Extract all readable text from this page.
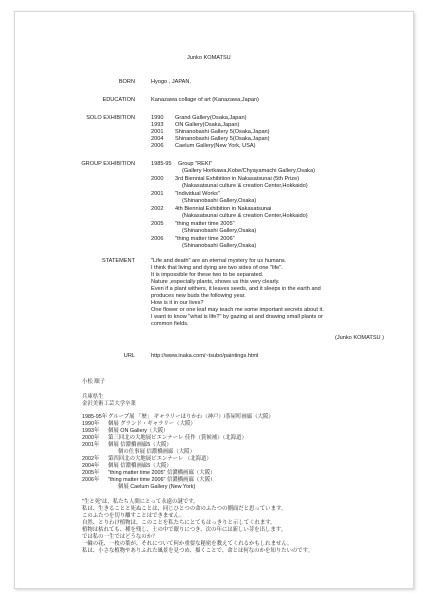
Junko KOMATSU
BORN	Hyogo , JAPAN.
EDUCATION	Kanazawa collage of art (Kanazawa,Japan)
SOLO EXHIBITION	1990 Grand Gallery(Osaka,Japan)
1993 ON Gallery(Osaka,Japan)
2001 Shinanobashi Gallery 5(Osaka,Japan)
2004 Shinanobashi Gallery 5(Osaka,Japan)
2006 Caelum Gallery(New York, USA)
GROUP EXHIBITION	1985-95 Group "REKI"
(Gallery Horikawa,Kobe/Chyayamachi Gallery,Osaka)
2000 3rd Biennial Exhibition in Nakasatsunai (5th Prize)
(Nakasatsunai culture & creation Center,Hokkaido)
2001 "Individual Works"
(Shinanobashi Gallery,Osaka)
2002 4th Biennial Exhibition in Nakasatsunai
(Nakasatsunai culture & creation Center,Hokkaido)
2005 "thing matter time 2005"
(Shinanobashi Gallery,Osaka)
2006 "thing matter time 2006"
(Shinanobashi Gallery,Osaka)
STATEMENT	"Life and death" are an eternal mystery for us humans.
I think that living and dying are two sides of one "life".
It is impossible for these two to be separated.
Nature ,especially plants, shows us this very clearly.
Even if a plant withers, it leaves seeds, and it sleeps in the earth and
produces new buds the following year.
How is it in our lives?
One flower or one leaf may teach me some important secrets about it.
I want to know "what is life?" by gazing at and drawing small plants or
common fields.
(Junko KOMATSU )
URL	http://www.inaka.com/~tsubo/paintings.html
小松 順子
兵庫県生
金沢美術工芸大学卒業
1985-95年 グループ展 「歴」 ギャラリーほりかわ（神戸）/茶屋町画廊（大阪）
1990年	個展 グランド・ギャラリー（大阪）
1993年	個展 ON Gallery（大阪）
2000年	第三回北の大地展ビエンナーレ 佳作（賞候補）（北海道）
2001年	個展 信濃橋画廊5（大阪）
個の仕事展 信濃橋画廊（大阪）
2002年	第四回北の大地展ビエンナーレ （北海道）
2004年	個展 信濃橋画廊5（大阪）
2005年	"thing matter time 2005" 信濃橋画廊（大阪）
2006年	"thing matter time 2006" 信濃橋画廊（大阪）
個展 Caelum Gallery (New York)
"生と死"は、私たち人間にとって永遠の謎です。
私は、生きることと死ぬことは、同じひとつの命のふたつの側面だと思っています。
このふたつを切り離すことはできません。
自然、とりわけ植物は、このことを私たちにとてもはっきりと示してくれます。
植物は枯れても、種を残し、土の中で眠りにつき、次の年には新しい芽を出します。
では私の一生ではどうなのか？
一輪の花、一枚の葉が、それについて何か重要な秘密を教えてくれるかもしれません。
私は、小さな植物やありふれた風景を見つめ、描くことで、命とは何なのかを知りたいのです。
